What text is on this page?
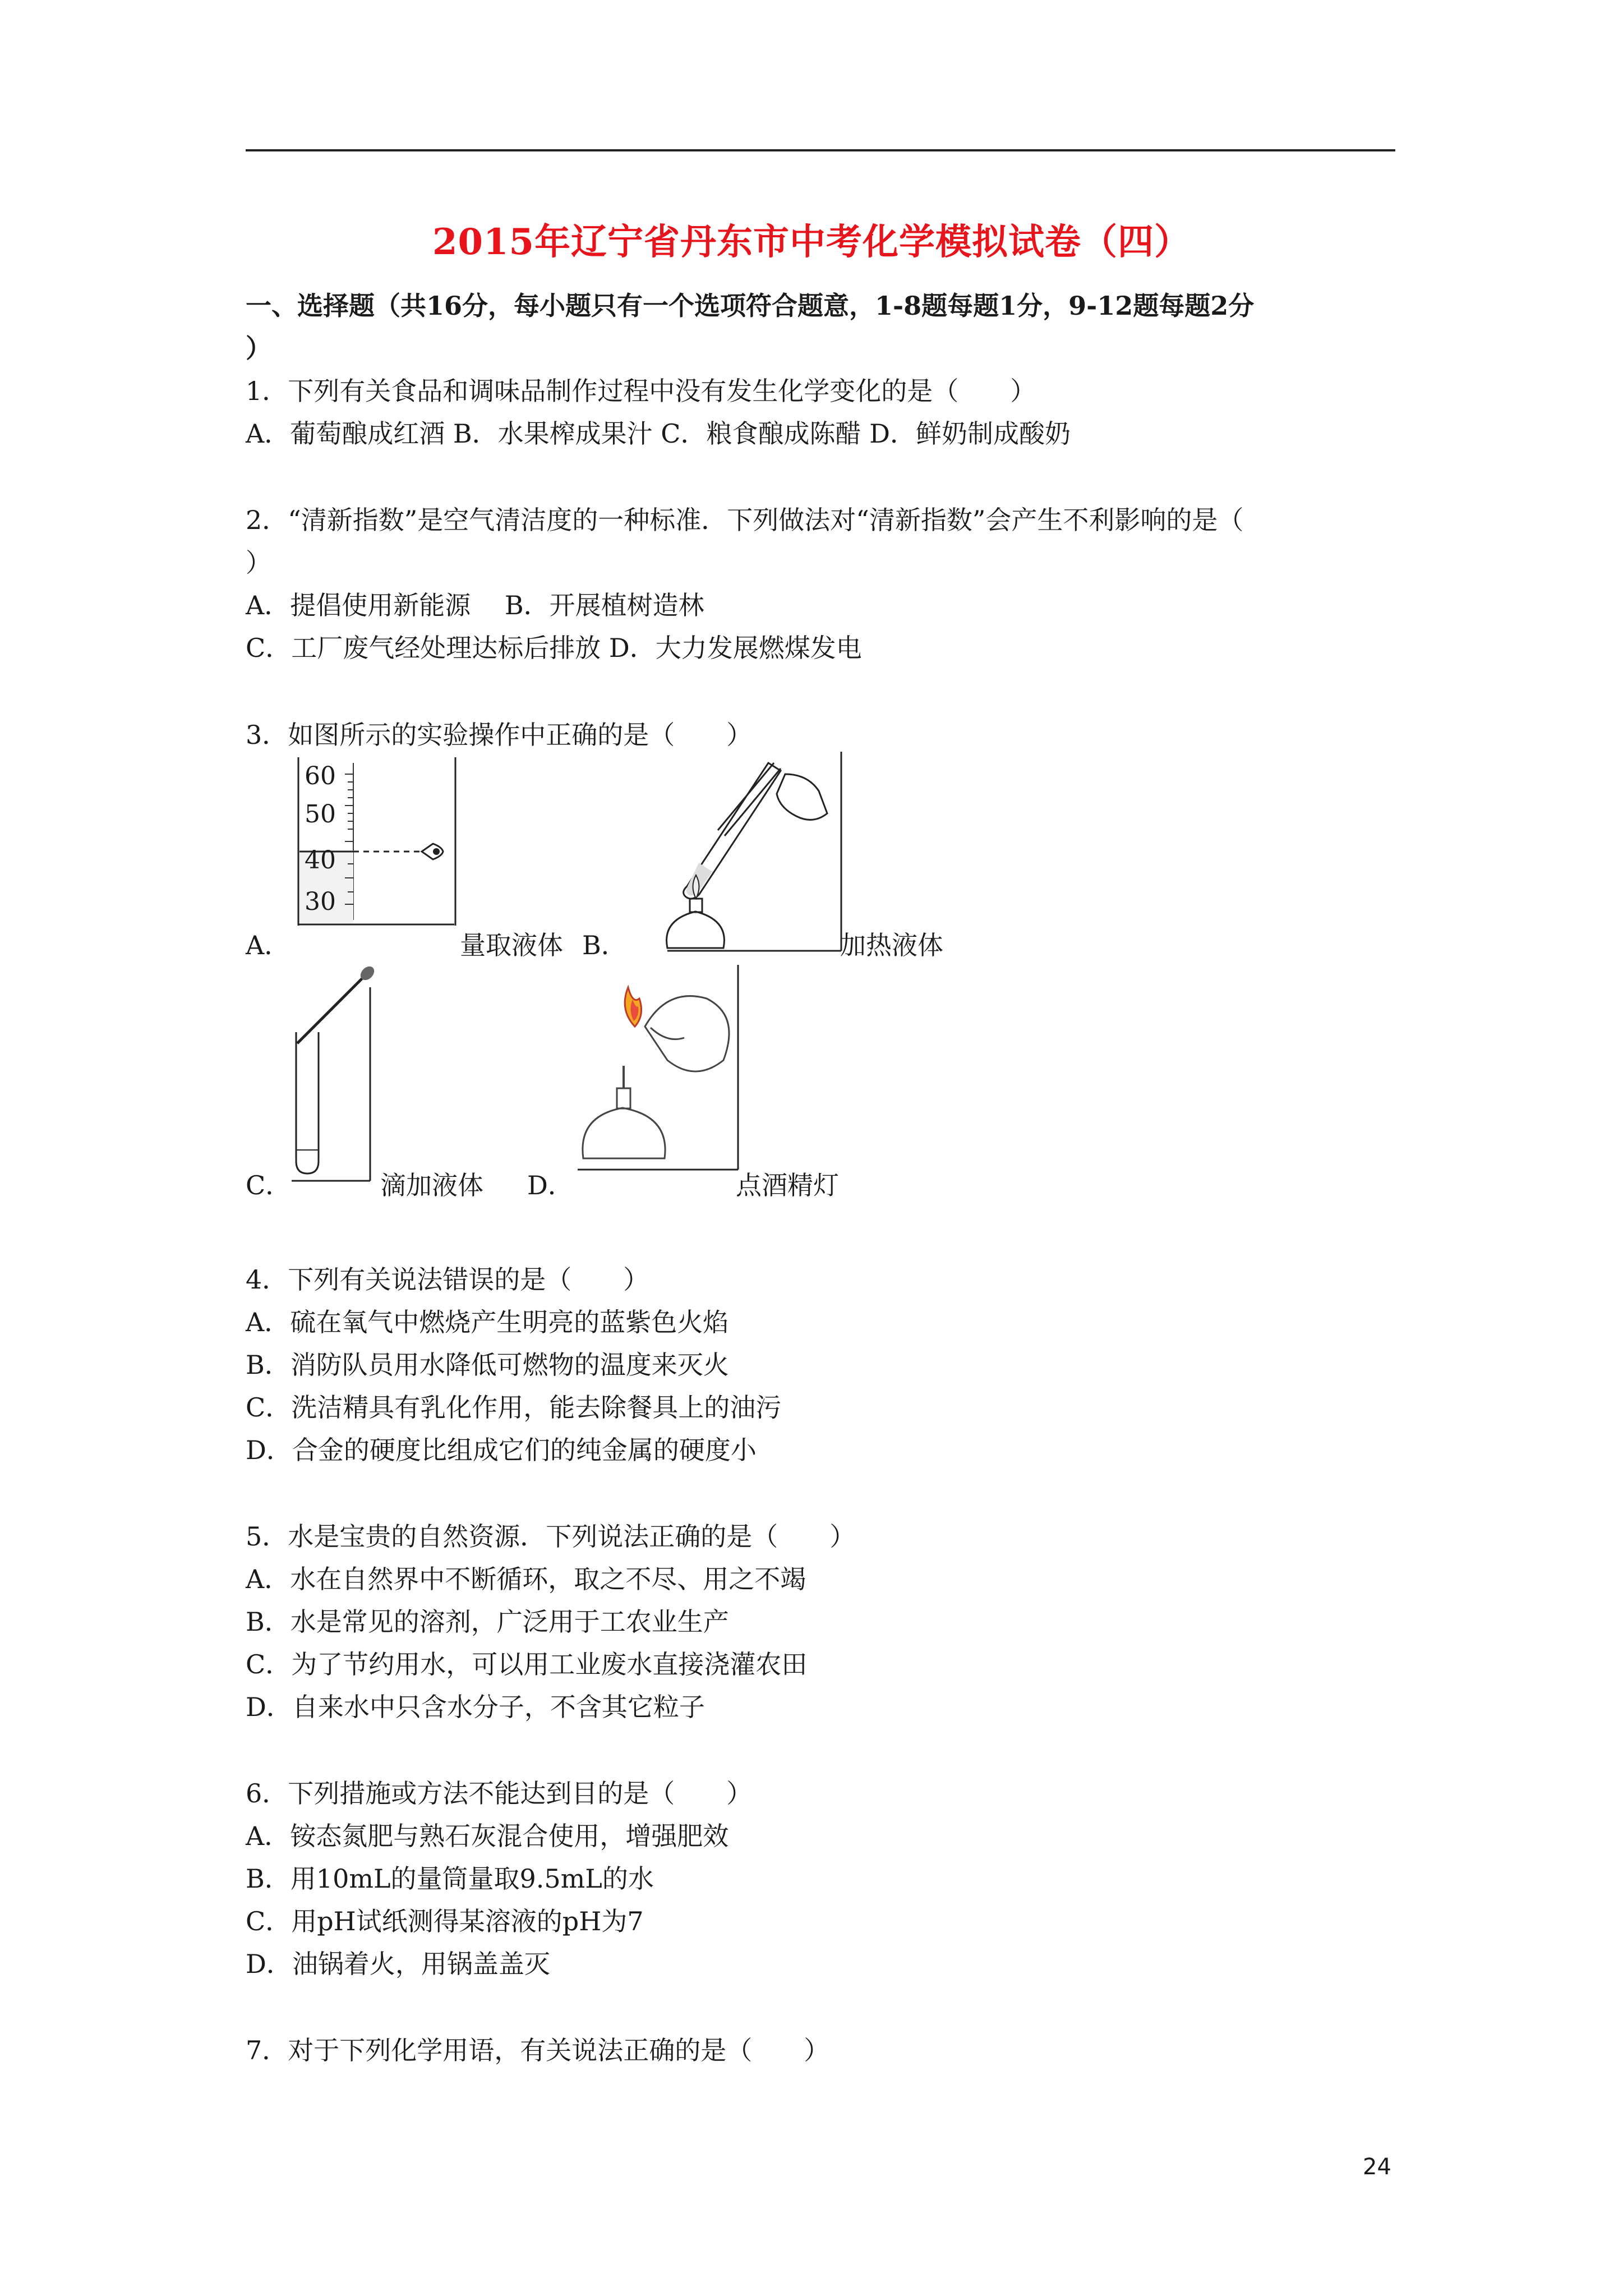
2015年辽宁省丹东市中考化学模拟试卷（四）
一、选择题（共16分，每小题只有一个选项符合题意，1-8题每题1分，9-12题每题2分
）
1．下列有关食品和调味品制作过程中没有发生化学变化的是（　　）
A．葡萄酿成红酒 B．水果榨成果汁 C．粮食酿成陈醋 D．鲜奶制成酸奶
2．“清新指数”是空气清洁度的一种标准．下列做法对“清新指数”会产生不利影响的是（
）
A．提倡使用新能源　 B．开展植树造林
C．工厂废气经处理达标后排放 D．大力发展燃煤发电
3．如图所示的实验操作中正确的是（　　）
60
50
40
30
A．	量取液体 B．	加热液体
C．	滴加液体 D．	点酒精灯
4．下列有关说法错误的是（　　）
A．硫在氧气中燃烧产生明亮的蓝紫色火焰
B．消防队员用水降低可燃物的温度来灭火
C．洗洁精具有乳化作用，能去除餐具上的油污
D．合金的硬度比组成它们的纯金属的硬度小
5．水是宝贵的自然资源．下列说法正确的是（　　）
A．水在自然界中不断循环，取之不尽、用之不竭
B．水是常见的溶剂，广泛用于工农业生产
C．为了节约用水，可以用工业废水直接浇灌农田
D．自来水中只含水分子，不含其它粒子
6．下列措施或方法不能达到目的是（　　）
A．铵态氮肥与熟石灰混合使用，增强肥效
B．用10mL的量筒量取9.5mL的水
C．用pH试纸测得某溶液的pH为7
D．油锅着火，用锅盖盖灭
7．对于下列化学用语，有关说法正确的是（　　）
24
